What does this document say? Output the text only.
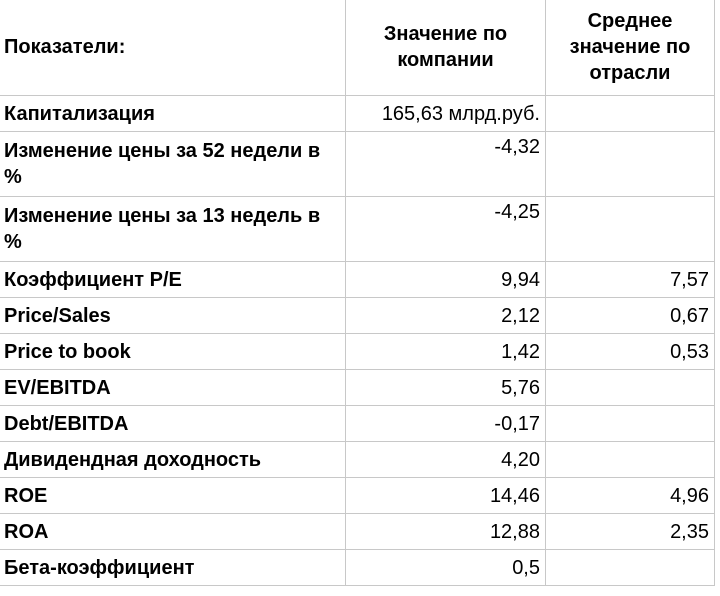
Показатели:	Значение по компании	Среднее значение по отрасли
Капитализация	165,63 млрд.руб.	
Изменение цены за 52 недели в %	-4,32	
Изменение цены за 13 недель в %	-4,25	
Коэффициент P/E	9,94	7,57
Price/Sales	2,12	0,67
Price to book	1,42	0,53
EV/EBITDA	5,76	
Debt/EBITDA	-0,17	
Дивидендная доходность	4,20	
ROE	14,46	4,96
ROA	12,88	2,35
Бета-коэффициент	0,5	
